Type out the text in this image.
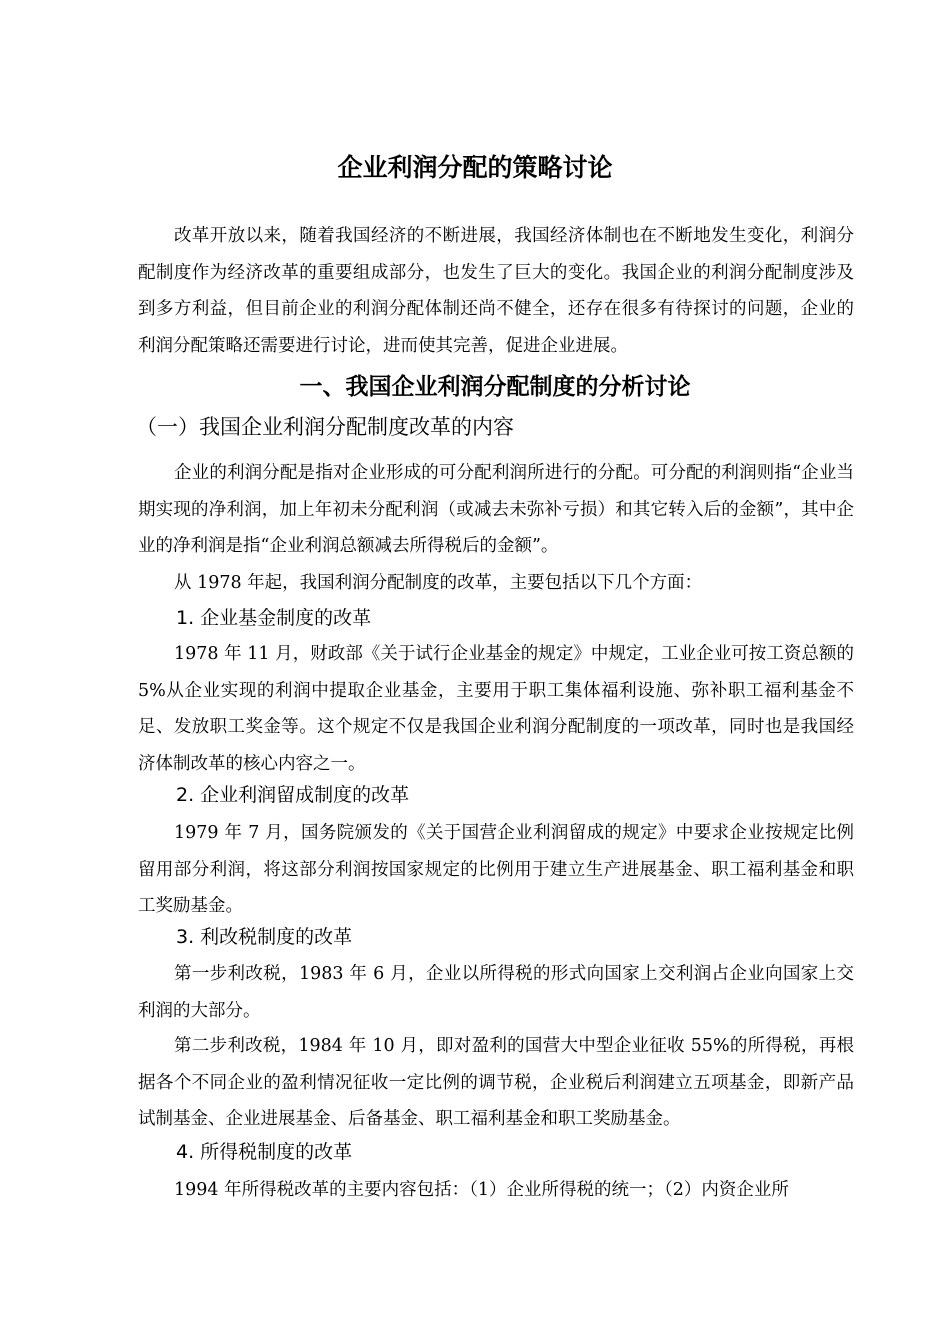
企业利润分配的策略讨论
改革开放以来，随着我国经济的不断进展，我国经济体制也在不断地发生变化，利润分配制度作为经济改革的重要组成部分，也发生了巨大的变化。我国企业的利润分配制度涉及到多方利益，但目前企业的利润分配体制还尚不健全，还存在很多有待探讨的问题，企业的利润分配策略还需要进行讨论，进而使其完善，促进企业进展。
一、我国企业利润分配制度的分析讨论
（一）我国企业利润分配制度改革的内容
企业的利润分配是指对企业形成的可分配利润所进行的分配。可分配的利润则指“企业当期实现的净利润，加上年初未分配利润（或减去未弥补亏损）和其它转入后的金额”，其中企业的净利润是指“企业利润总额减去所得税后的金额”。
从 1978 年起，我国利润分配制度的改革，主要包括以下几个方面：
1. 企业基金制度的改革
1978 年 11 月，财政部《关于试行企业基金的规定》中规定，工业企业可按工资总额的 5%从企业实现的利润中提取企业基金，主要用于职工集体福利设施、弥补职工福利基金不足、发放职工奖金等。这个规定不仅是我国企业利润分配制度的一项改革，同时也是我国经济体制改革的核心内容之一。
2. 企业利润留成制度的改革
1979 年 7 月，国务院颁发的《关于国营企业利润留成的规定》中要求企业按规定比例留用部分利润，将这部分利润按国家规定的比例用于建立生产进展基金、职工福利基金和职工奖励基金。
3. 利改税制度的改革
第一步利改税，1983 年 6 月，企业以所得税的形式向国家上交利润占企业向国家上交利润的大部分。
第二步利改税，1984 年 10 月，即对盈利的国营大中型企业征收 55%的所得税，再根据各个不同企业的盈利情况征收一定比例的调节税，企业税后利润建立五项基金，即新产品试制基金、企业进展基金、后备基金、职工福利基金和职工奖励基金。
4. 所得税制度的改革
1994 年所得税改革的主要内容包括：（1）企业所得税的统一；（2）内资企业所
